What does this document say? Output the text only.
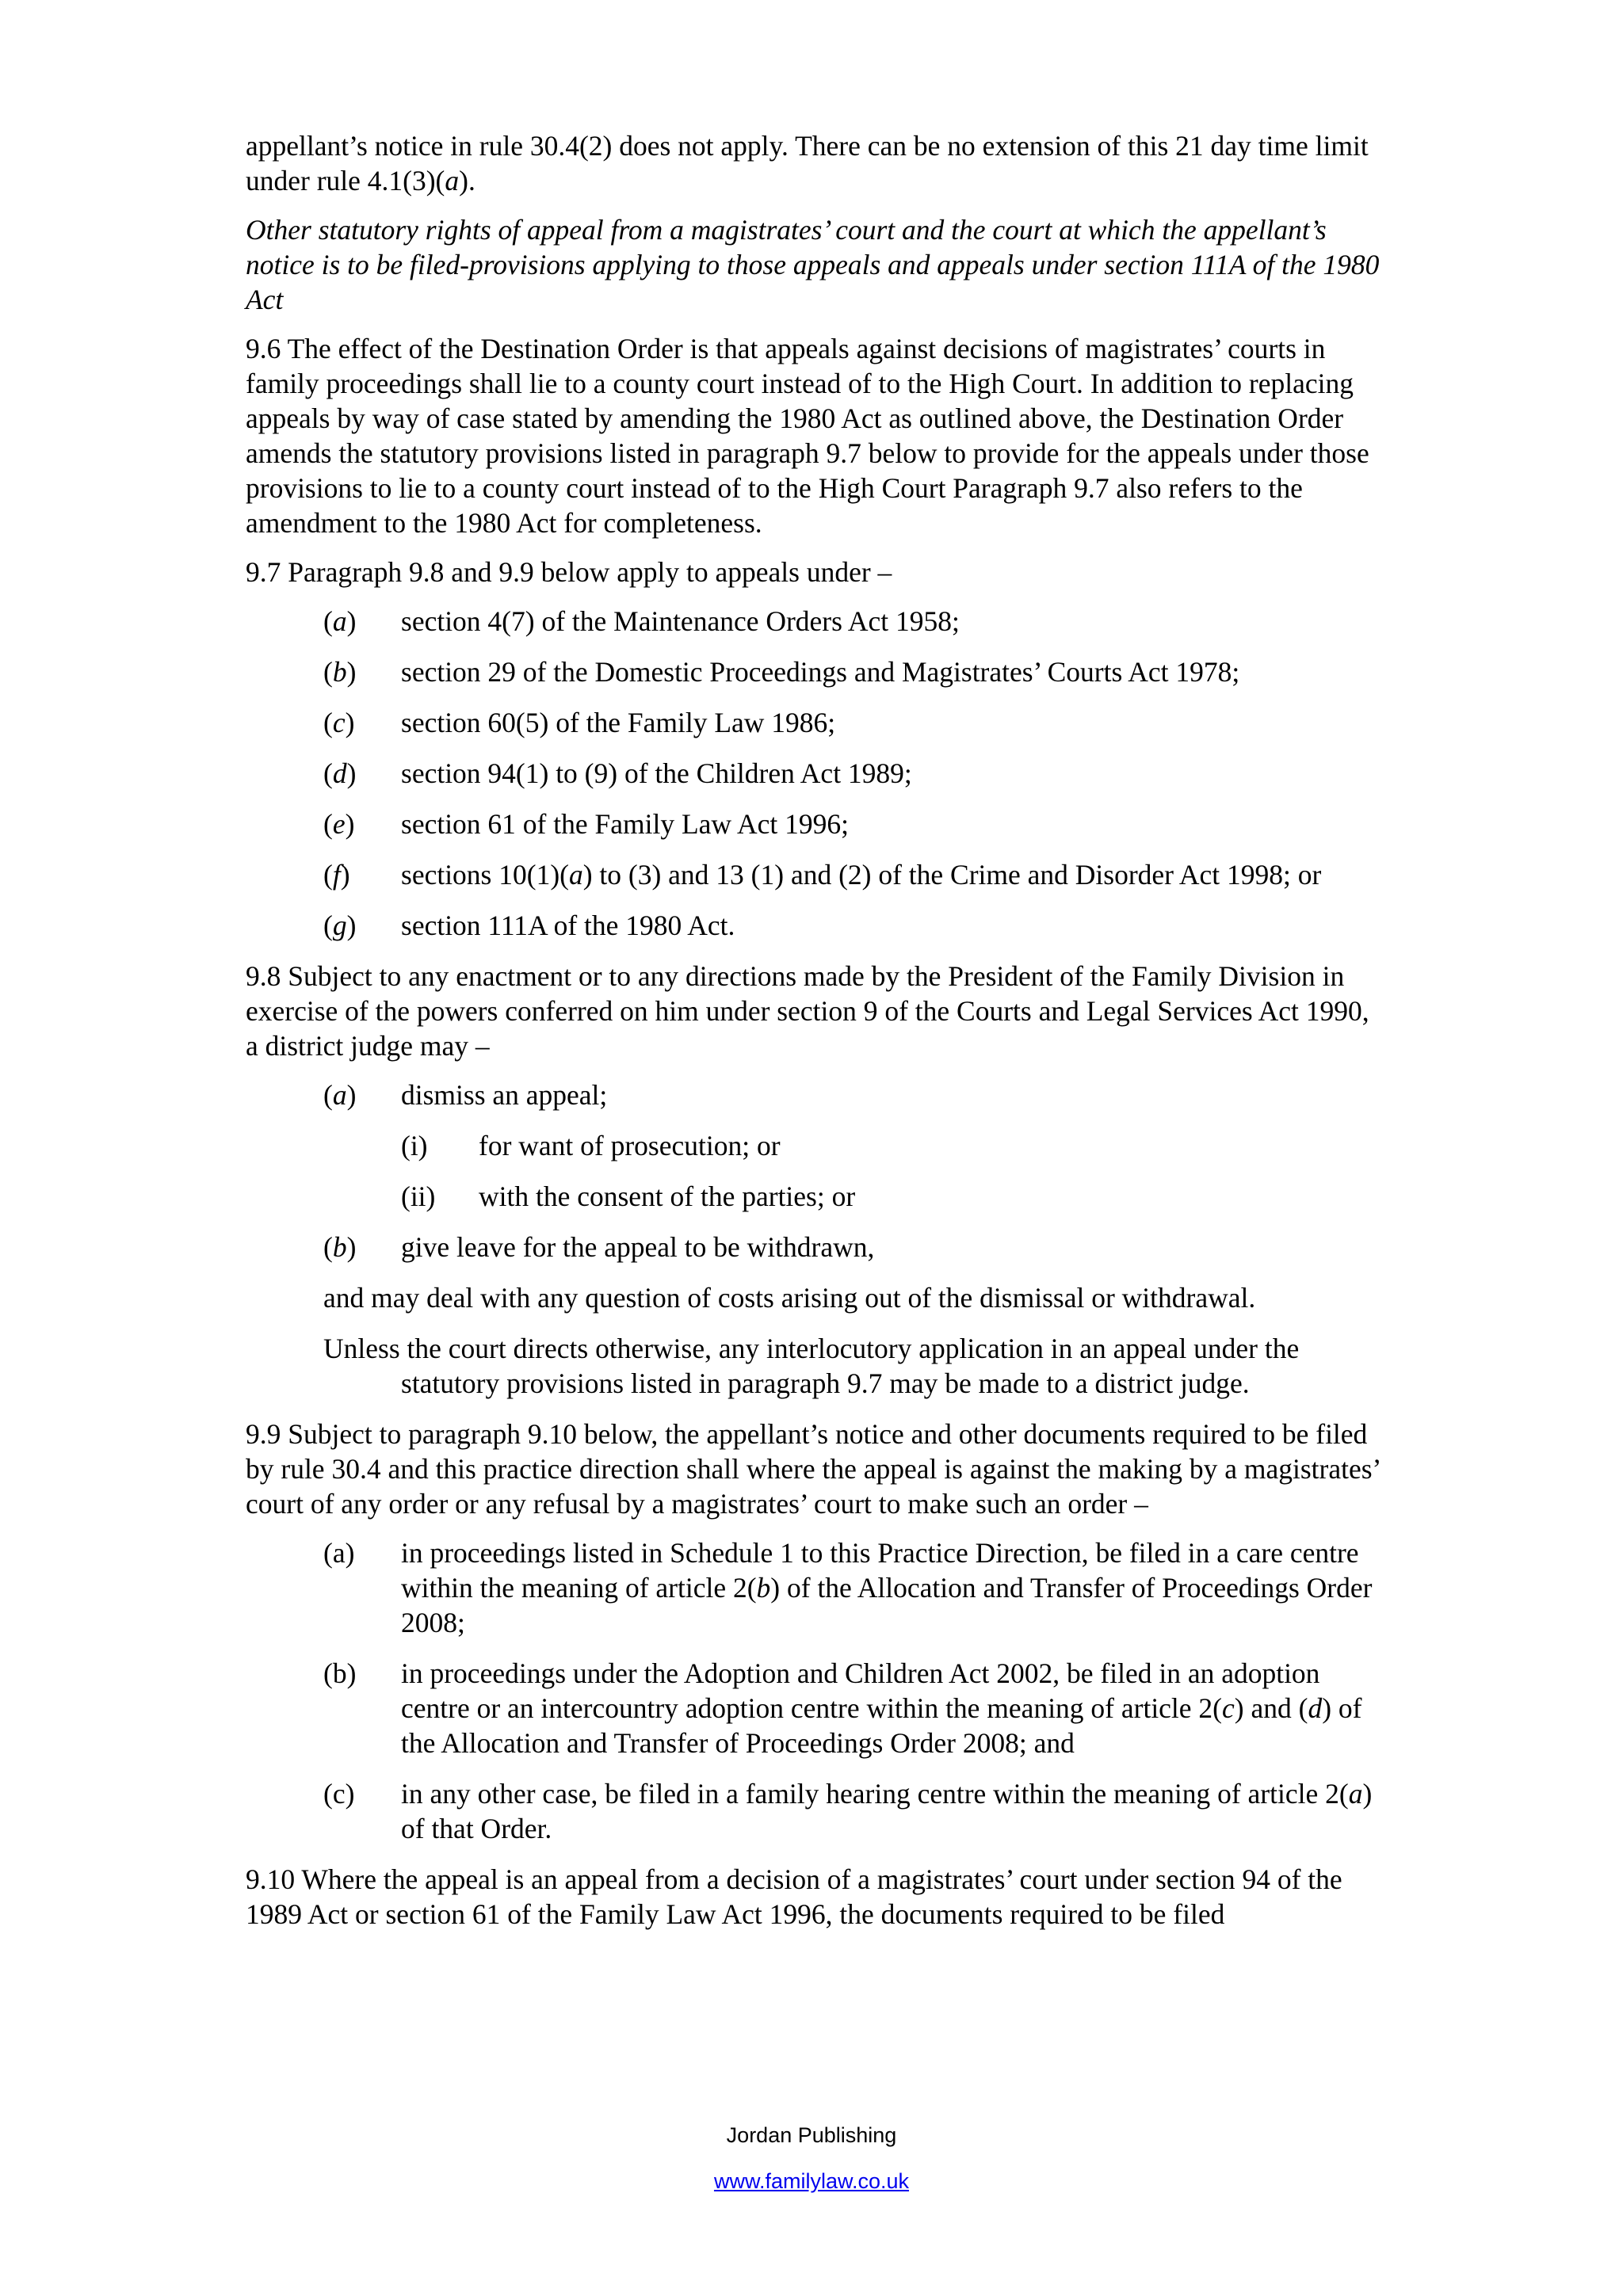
appellant’s notice in rule 30.4(2) does not apply. There can be no extension of this 21 day time limit under rule 4.1(3)(a).

Other statutory rights of appeal from a magistrates’ court and the court at which the appellant’s notice is to be filed-provisions applying to those appeals and appeals under section 111A of the 1980 Act

9.6 The effect of the Destination Order is that appeals against decisions of magistrates’ courts in family proceedings shall lie to a county court instead of to the High Court. In addition to replacing appeals by way of case stated by amending the 1980 Act as outlined above, the Destination Order amends the statutory provisions listed in paragraph 9.7 below to provide for the appeals under those provisions to lie to a county court instead of to the High Court Paragraph 9.7 also refers to the amendment to the 1980 Act for completeness.

9.7 Paragraph 9.8 and 9.9 below apply to appeals under –

(a)	section 4(7) of the Maintenance Orders Act 1958;
(b)	section 29 of the Domestic Proceedings and Magistrates’ Courts Act 1978;
(c)	section 60(5) of the Family Law 1986;
(d)	section 94(1) to (9) of the Children Act 1989;
(e)	section 61 of the Family Law Act 1996;
(f)	sections 10(1)(a) to (3) and 13 (1) and (2) of the Crime and Disorder Act 1998; or
(g)	section 111A of the 1980 Act.

9.8 Subject to any enactment or to any directions made by the President of the Family Division in exercise of the powers conferred on him under section 9 of the Courts and Legal Services Act 1990, a district judge may –

(a)	dismiss an appeal;
(i)	for want of prosecution; or
(ii)	with the consent of the parties; or
(b)	give leave for the appeal to be withdrawn,

and may deal with any question of costs arising out of the dismissal or withdrawal.

Unless the court directs otherwise, any interlocutory application in an appeal under the statutory provisions listed in paragraph 9.7 may be made to a district judge.

9.9 Subject to paragraph 9.10 below, the appellant’s notice and other documents required to be filed by rule 30.4 and this practice direction shall where the appeal is against the making by a magistrates’ court of any order or any refusal by a magistrates’ court to make such an order –

(a)	in proceedings listed in Schedule 1 to this Practice Direction, be filed in a care centre within the meaning of article 2(b) of the Allocation and Transfer of Proceedings Order 2008;
(b)	in proceedings under the Adoption and Children Act 2002, be filed in an adoption centre or an intercountry adoption centre within the meaning of article 2(c) and (d) of the Allocation and Transfer of Proceedings Order 2008; and
(c)	in any other case, be filed in a family hearing centre within the meaning of article 2(a) of that Order.

9.10 Where the appeal is an appeal from a decision of a magistrates’ court under section 94 of the 1989 Act or section 61 of the Family Law Act 1996, the documents required to be filed

Jordan Publishing
www.familylaw.co.uk
